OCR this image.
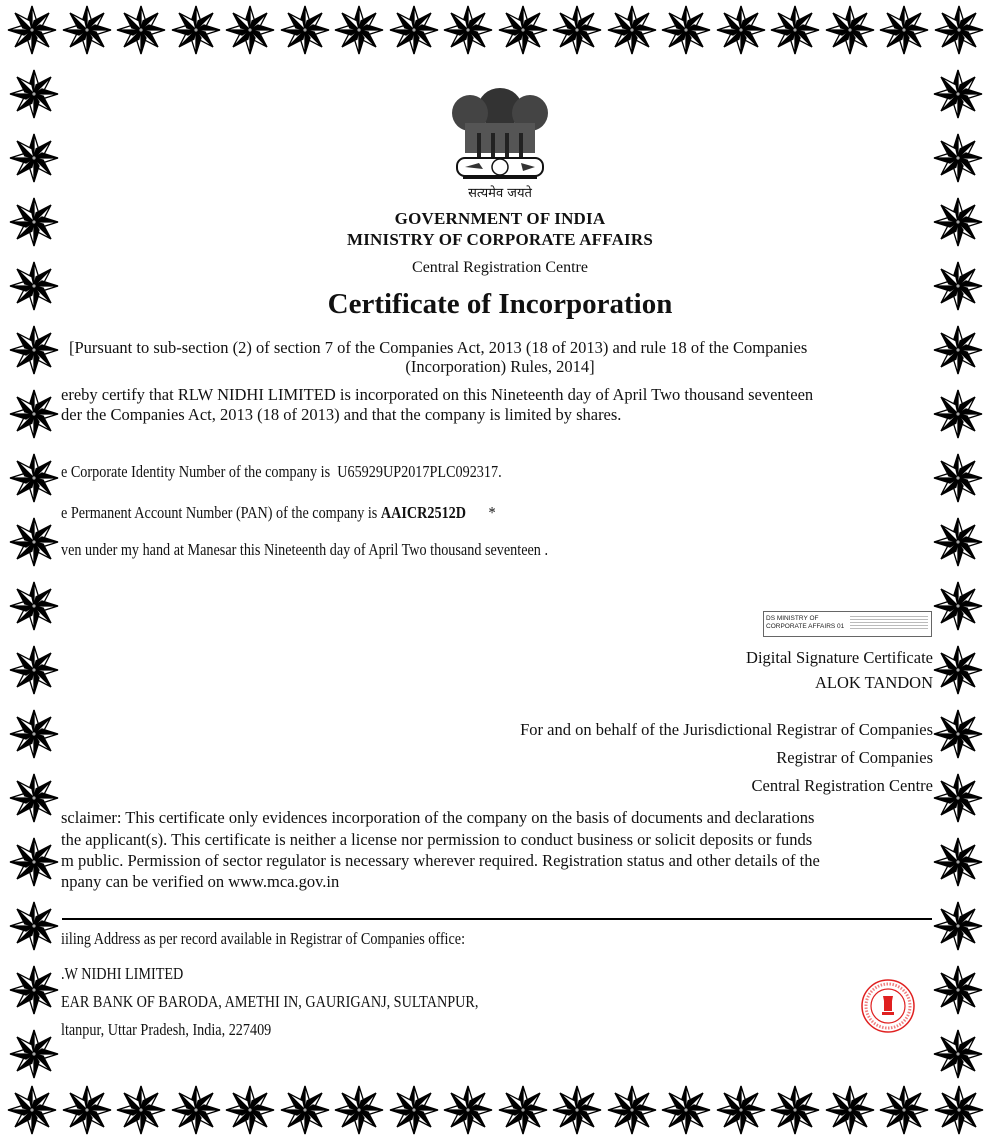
सत्यमेव जयते
GOVERNMENT OF INDIA
MINISTRY OF CORPORATE AFFAIRS
Central Registration Centre
Certificate of Incorporation
[Pursuant to sub-section (2) of section 7 of the Companies Act, 2013 (18 of 2013) and rule 18 of the Companies
(Incorporation) Rules, 2014]
ereby certify that RLW NIDHI LIMITED is incorporated on this Nineteenth day of April Two thousand seventeen
der the Companies Act, 2013 (18 of 2013) and that the company is limited by shares.
e Corporate Identity Number of the company is U65929UP2017PLC092317.
e Permanent Account Number (PAN) of the company is AAICR2512D *
ven under my hand at Manesar this Nineteenth day of April Two thousand seventeen .
DS MINISTRY OF
CORPORATE AFFAIRS 01
Digital Signature Certificate
ALOK TANDON
For and on behalf of the Jurisdictional Registrar of Companies
Registrar of Companies
Central Registration Centre
sclaimer: This certificate only evidences incorporation of the company on the basis of documents and declarations
the applicant(s). This certificate is neither a license nor permission to conduct business or solicit deposits or funds
m public. Permission of sector regulator is necessary wherever required. Registration status and other details of the
npany can be verified on www.mca.gov.in
iiling Address as per record available in Registrar of Companies office:
.W NIDHI LIMITED
EAR BANK OF BARODA, AMETHI IN, GAURIGANJ, SULTANPUR,
ltanpur, Uttar Pradesh, India, 227409
